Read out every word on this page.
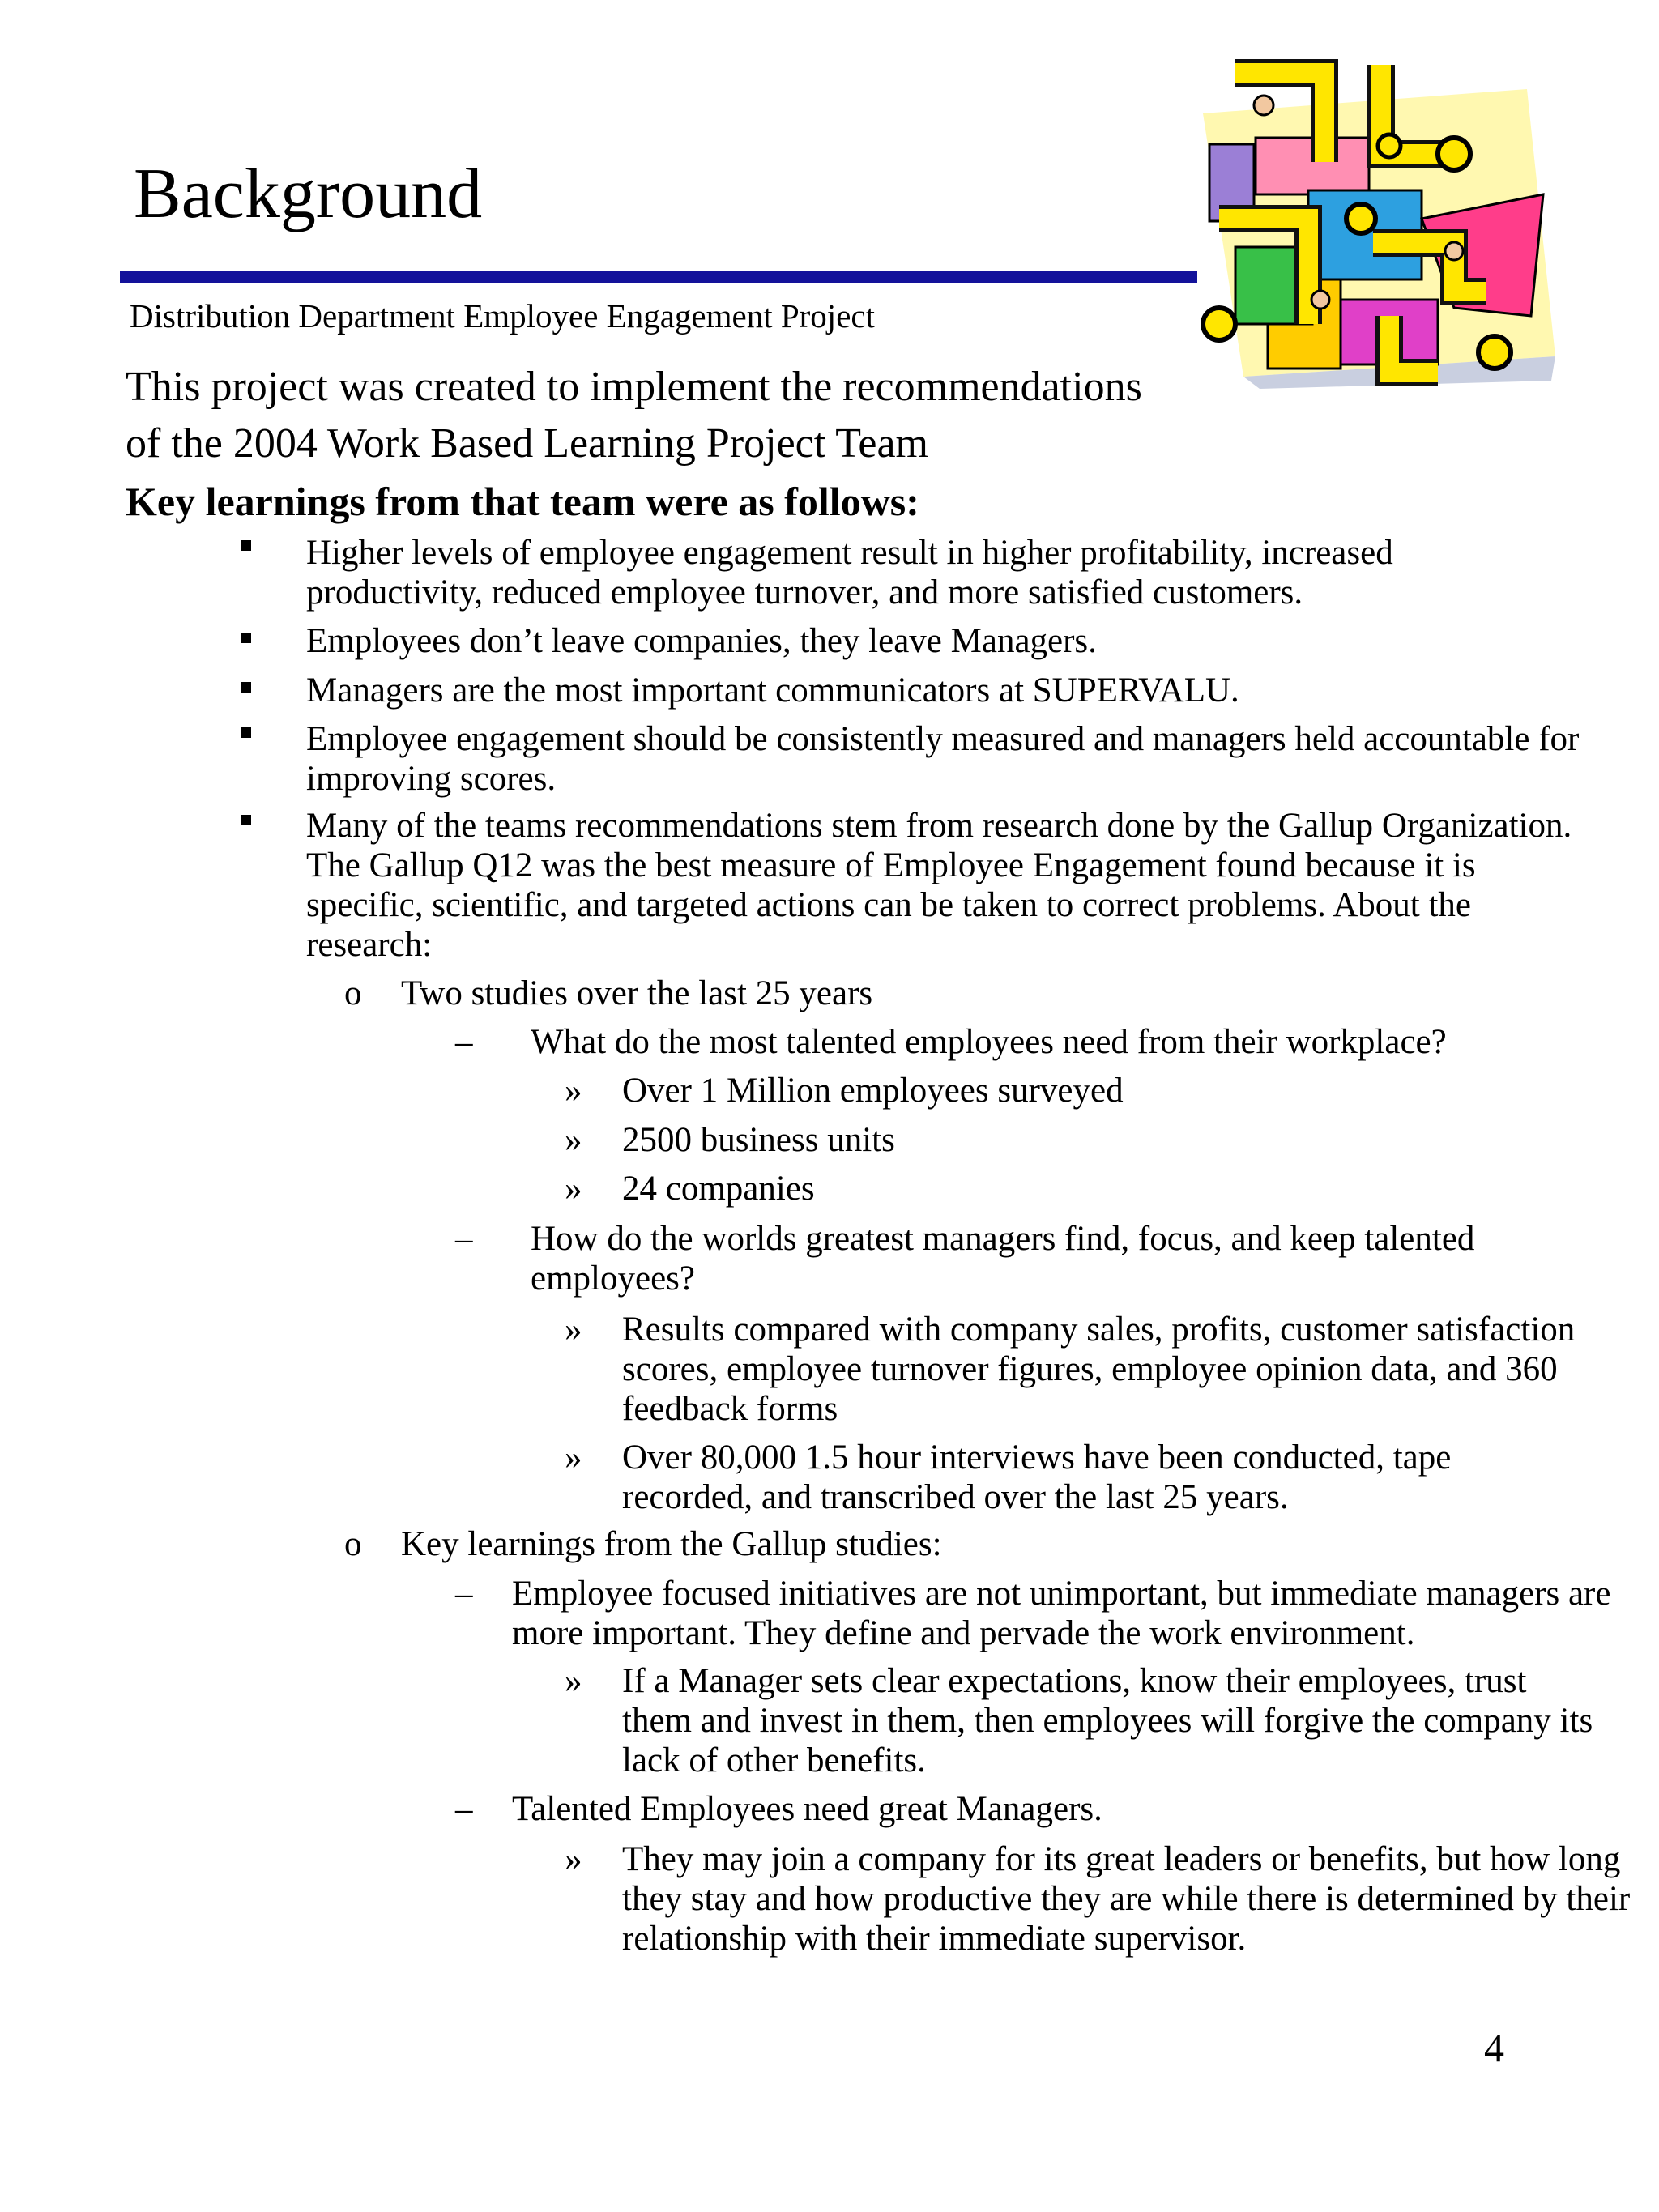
Background
Distribution Department Employee Engagement Project
This project was created to implement the recommendations
of the 2004 Work Based Learning Project Team
Key learnings from that team were as follows:
Higher levels of employee engagement result in higher profitability, increased productivity, reduced employee turnover, and more satisfied customers.
Employees don’t leave companies, they leave Managers.
Managers are the most important communicators at SUPERVALU.
Employee engagement should be consistently measured and managers held accountable for improving scores.
Many of the teams recommendations stem from research done by the Gallup Organization. The Gallup Q12 was the best measure of Employee Engagement found because it is specific, scientific, and targeted actions can be taken to correct problems. About the research:
o Two studies over the last 25 years
– What do the most talented employees need from their workplace?
» Over 1 Million employees surveyed
» 2500 business units
» 24 companies
– How do the worlds greatest managers find, focus, and keep talented employees?
» Results compared with company sales, profits, customer satisfaction scores, employee turnover figures, employee opinion data, and 360 feedback forms
» Over 80,000 1.5 hour interviews have been conducted, tape recorded, and transcribed over the last 25 years.
o Key learnings from the Gallup studies:
– Employee focused initiatives are not unimportant, but immediate managers are more important. They define and pervade the work environment.
» If a Manager sets clear expectations, know their employees, trust them and invest in them, then employees will forgive the company its lack of other benefits.
– Talented Employees need great Managers.
» They may join a company for its great leaders or benefits, but how long they stay and how productive they are while there is determined by their relationship with their immediate supervisor.
4
